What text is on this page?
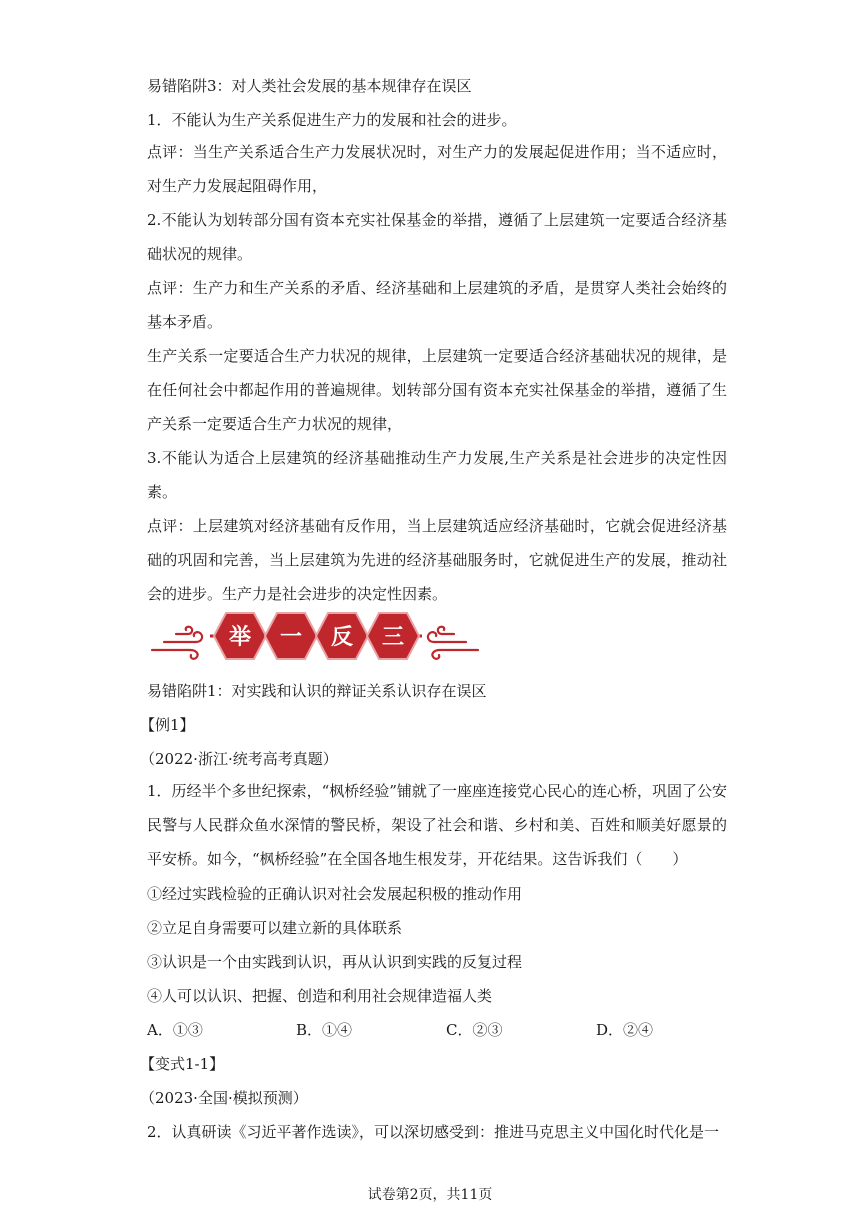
易错陷阱3：对人类社会发展的基本规律存在误区
1．不能认为生产关系促进生产力的发展和社会的进步。

点评：当生产关系适合生产力发展状况时，对生产力的发展起促进作用；当不适应时，对生产力发展起阻碍作用，

2.不能认为划转部分国有资本充实社保基金的举措，遵循了上层建筑一定要适合经济基础状况的规律。

点评：生产力和生产关系的矛盾、经济基础和上层建筑的矛盾，是贯穿人类社会始终的基本矛盾。

生产关系一定要适合生产力状况的规律，上层建筑一定要适合经济基础状况的规律，是在任何社会中都起作用的普遍规律。划转部分国有资本充实社保基金的举措，遵循了生产关系一定要适合生产力状况的规律，

3.不能认为适合上层建筑的经济基础推动生产力发展,生产关系是社会进步的决定性因素。

点评：上层建筑对经济基础有反作用，当上层建筑适应经济基础时，它就会促进经济基础的巩固和完善，当上层建筑为先进的经济基础服务时，它就促进生产的发展，推动社会的进步。生产力是社会进步的决定性因素。

举 一 反 三
易错陷阱1：对实践和认识的辩证关系认识存在误区
【例1】
（2022·浙江·统考高考真题）

1．历经半个多世纪探索，“枫桥经验”铺就了一座座连接党心民心的连心桥，巩固了公安民警与人民群众鱼水深情的警民桥，架设了社会和谐、乡村和美、百姓和顺美好愿景的平安桥。如今，“枫桥经验”在全国各地生根发芽，开花结果。这告诉我们（　　）

①经过实践检验的正确认识对社会发展起积极的推动作用
②立足自身需要可以建立新的具体联系
③认识是一个由实践到认识，再从认识到实践的反复过程
④人可以认识、把握、创造和利用社会规律造福人类
A．①③	B．①④	C．②③	D．②④
【变式1-1】
（2023·全国·模拟预测）
2．认真研读《习近平著作选读》，可以深切感受到：推进马克思主义中国化时代化是一
试卷第2页，共11页
